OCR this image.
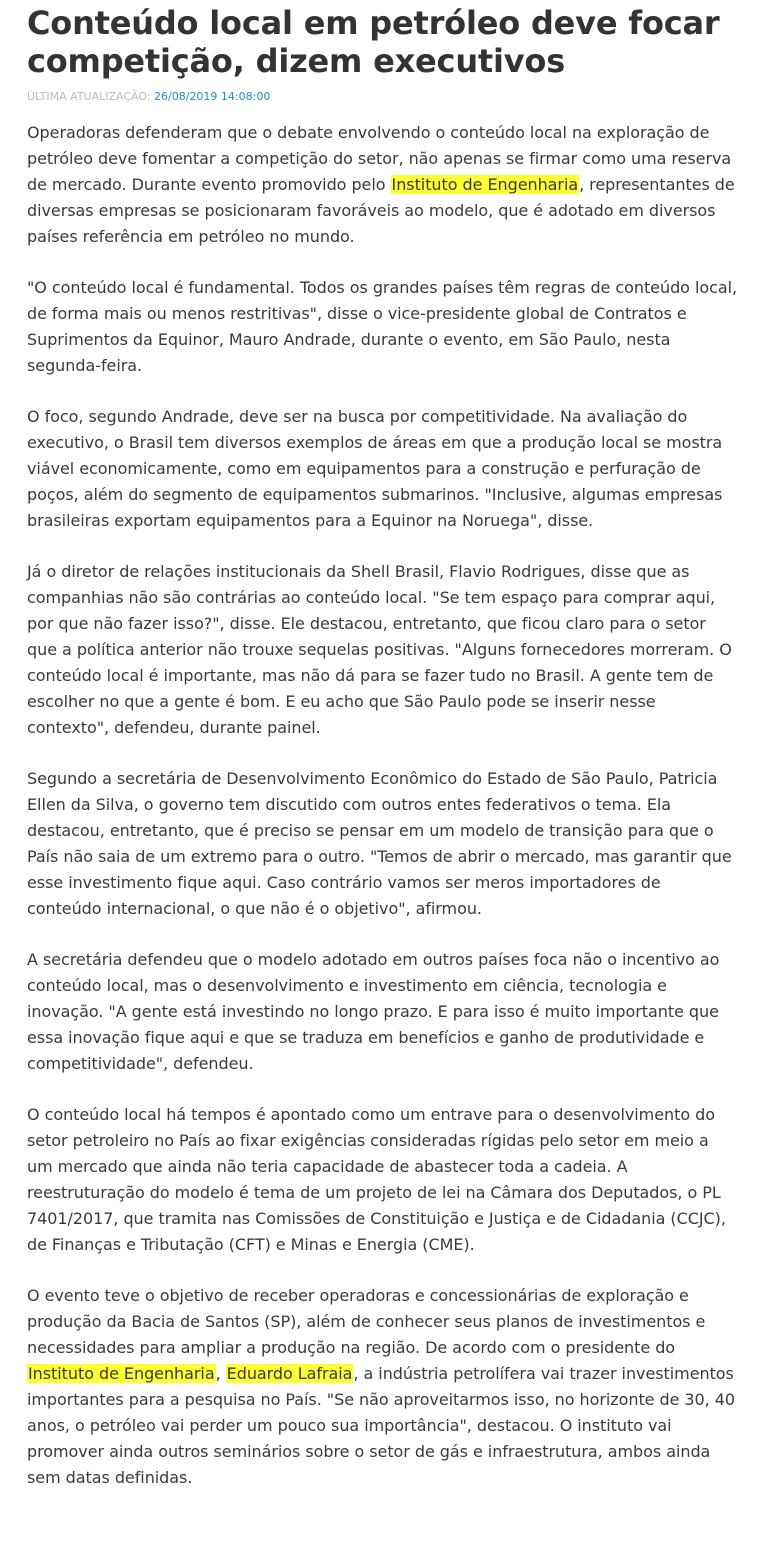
Conteúdo local em petróleo deve focar competição, dizem executivos
ÚLTIMA ATUALIZAÇÃO: 26/08/2019 14:08:00

Operadoras defenderam que o debate envolvendo o conteúdo local na exploração de petróleo deve fomentar a competição do setor, não apenas se firmar como uma reserva de mercado. Durante evento promovido pelo Instituto de Engenharia, representantes de diversas empresas se posicionaram favoráveis ao modelo, que é adotado em diversos países referência em petróleo no mundo.

"O conteúdo local é fundamental. Todos os grandes países têm regras de conteúdo local, de forma mais ou menos restritivas", disse o vice-presidente global de Contratos e Suprimentos da Equinor, Mauro Andrade, durante o evento, em São Paulo, nesta segunda-feira.

O foco, segundo Andrade, deve ser na busca por competitividade. Na avaliação do executivo, o Brasil tem diversos exemplos de áreas em que a produção local se mostra viável economicamente, como em equipamentos para a construção e perfuração de poços, além do segmento de equipamentos submarinos. "Inclusive, algumas empresas brasileiras exportam equipamentos para a Equinor na Noruega", disse.

Já o diretor de relações institucionais da Shell Brasil, Flavio Rodrigues, disse que as companhias não são contrárias ao conteúdo local. "Se tem espaço para comprar aqui, por que não fazer isso?", disse. Ele destacou, entretanto, que ficou claro para o setor que a política anterior não trouxe sequelas positivas. "Alguns fornecedores morreram. O conteúdo local é importante, mas não dá para se fazer tudo no Brasil. A gente tem de escolher no que a gente é bom. E eu acho que São Paulo pode se inserir nesse contexto", defendeu, durante painel.

Segundo a secretária de Desenvolvimento Econômico do Estado de São Paulo, Patricia Ellen da Silva, o governo tem discutido com outros entes federativos o tema. Ela destacou, entretanto, que é preciso se pensar em um modelo de transição para que o País não saia de um extremo para o outro. "Temos de abrir o mercado, mas garantir que esse investimento fique aqui. Caso contrário vamos ser meros importadores de conteúdo internacional, o que não é o objetivo", afirmou.

A secretária defendeu que o modelo adotado em outros países foca não o incentivo ao conteúdo local, mas o desenvolvimento e investimento em ciência, tecnologia e inovação. "A gente está investindo no longo prazo. E para isso é muito importante que essa inovação fique aqui e que se traduza em benefícios e ganho de produtividade e competitividade", defendeu.

O conteúdo local há tempos é apontado como um entrave para o desenvolvimento do setor petroleiro no País ao fixar exigências consideradas rígidas pelo setor em meio a um mercado que ainda não teria capacidade de abastecer toda a cadeia. A reestruturação do modelo é tema de um projeto de lei na Câmara dos Deputados, o PL 7401/2017, que tramita nas Comissões de Constituição e Justiça e de Cidadania (CCJC), de Finanças e Tributação (CFT) e Minas e Energia (CME).

O evento teve o objetivo de receber operadoras e concessionárias de exploração e produção da Bacia de Santos (SP), além de conhecer seus planos de investimentos e necessidades para ampliar a produção na região. De acordo com o presidente do Instituto de Engenharia, Eduardo Lafraia, a indústria petrolífera vai trazer investimentos importantes para a pesquisa no País. "Se não aproveitarmos isso, no horizonte de 30, 40 anos, o petróleo vai perder um pouco sua importância", destacou. O instituto vai promover ainda outros seminários sobre o setor de gás e infraestrutura, ambos ainda sem datas definidas.
